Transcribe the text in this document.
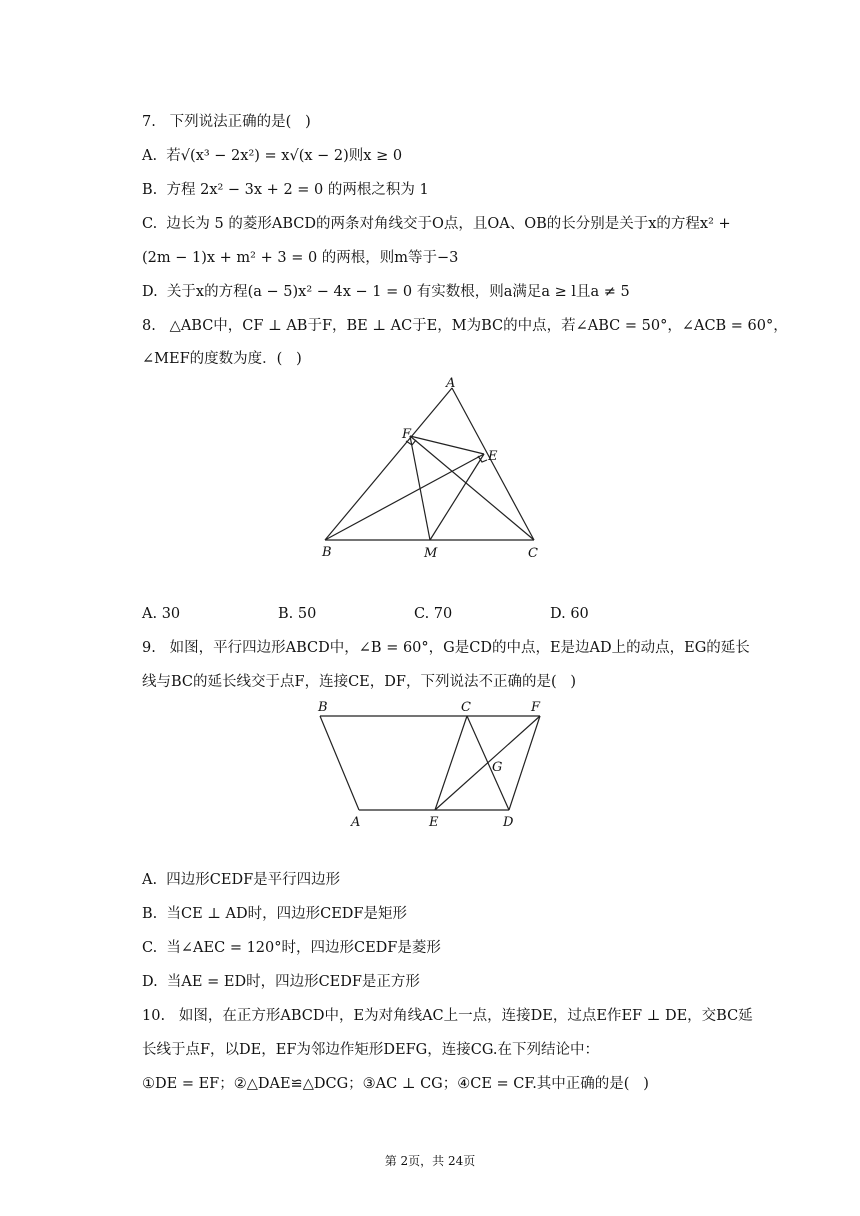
7.   下列说法正确的是(   )
A.  若√(x³ − 2x²) = x√(x − 2)则x ≥ 0
B.  方程 2x² − 3x + 2 = 0 的两根之积为 1
C.  边长为 5 的菱形ABCD的两条对角线交于O点，且OA、OB的长分别是关于x的方程x² +
(2m − 1)x + m² + 3 = 0 的两根，则m等于−3
D.  关于x的方程(a − 5)x² − 4x − 1 = 0 有实数根，则a满足a ≥ l且a ≠ 5
8.   △ABC中，CF ⊥ AB于F，BE ⊥ AC于E，M为BC的中点，若∠ABC = 50°，∠ACB = 60°，
∠MEF的度数为度．(   )
A
F
E
B	M	C
A. 30	B. 50	C. 70	D. 60
9.   如图，平行四边形ABCD中，∠B = 60°，G是CD的中点，E是边AD上的动点，EG的延长
线与BC的延长线交于点F，连接CE，DF，下列说法不正确的是(   )
B	C	F
G
A	E	D
A.  四边形CEDF是平行四边形
B.  当CE ⊥ AD时，四边形CEDF是矩形
C.  当∠AEC = 120°时，四边形CEDF是菱形
D.  当AE = ED时，四边形CEDF是正方形
10.   如图，在正方形ABCD中，E为对角线AC上一点，连接DE，过点E作EF ⊥ DE，交BC延
长线于点F，以DE，EF为邻边作矩形DEFG，连接CG.在下列结论中：
①DE = EF；②△DAE≌△DCG；③AC ⊥ CG；④CE = CF.其中正确的是(   )
第 2页，共 24页
